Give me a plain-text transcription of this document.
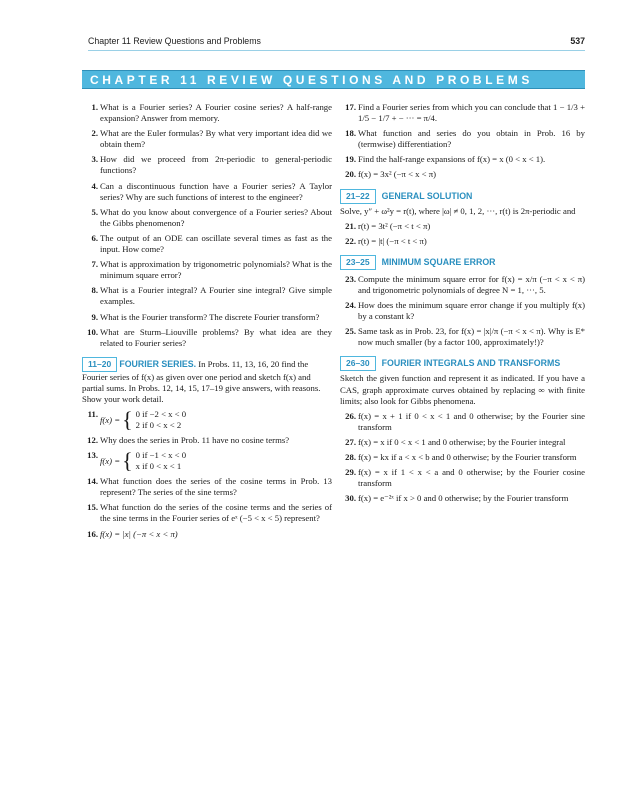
Chapter 11 Review Questions and Problems	537
CHAPTER 11 REVIEW QUESTIONS AND PROBLEMS
1. What is a Fourier series? A Fourier cosine series? A half-range expansion? Answer from memory.
2. What are the Euler formulas? By what very important idea did we obtain them?
3. How did we proceed from 2π-periodic to general-periodic functions?
4. Can a discontinuous function have a Fourier series? A Taylor series? Why are such functions of interest to the engineer?
5. What do you know about convergence of a Fourier series? About the Gibbs phenomenon?
6. The output of an ODE can oscillate several times as fast as the input. How come?
7. What is approximation by trigonometric polynomials? What is the minimum square error?
8. What is a Fourier integral? A Fourier sine integral? Give simple examples.
9. What is the Fourier transform? The discrete Fourier transform?
10. What are Sturm–Liouville problems? By what idea are they related to Fourier series?
11–20 FOURIER SERIES. In Probs. 11, 13, 16, 20 find the Fourier series of f(x) as given over one period and sketch f(x) and partial sums. In Probs. 12, 14, 15, 17–19 give answers, with reasons. Show your work detail.
11.
f(x) = { 0 if −2 < x < 0
2 if 0 < x < 2
12. Why does the series in Prob. 11 have no cosine terms?
13.
f(x) = { 0 if −1 < x < 0
x if 0 < x < 1
14. What function does the series of the cosine terms in Prob. 13 represent? The series of the sine terms?
15. What function do the series of the cosine terms and the series of the sine terms in the Fourier series of eˣ (−5 < x < 5) represent?
16. f(x) = |x| (−π < x < π)
17. Find a Fourier series from which you can conclude that 1 − 1/3 + 1/5 − 1/7 + − ··· = π/4.
18. What function and series do you obtain in Prob. 16 by (termwise) differentiation?
19. Find the half-range expansions of f(x) = x (0 < x < 1).
20. f(x) = 3x² (−π < x < π)
21–22	GENERAL SOLUTION
Solve, y″ + ω²y = r(t), where |ω| ≠ 0, 1, 2, ···, r(t) is 2π-periodic and
21. r(t) = 3t² (−π < t < π)
22. r(t) = |t| (−π < t < π)
23–25	MINIMUM SQUARE ERROR
23. Compute the minimum square error for f(x) = x/π (−π < x < π) and trigonometric polynomials of degree N = 1, ···, 5.
24. How does the minimum square error change if you multiply f(x) by a constant k?
25. Same task as in Prob. 23, for f(x) = |x|/π (−π < x < π). Why is E* now much smaller (by a factor 100, approximately!)?
26–30	FOURIER INTEGRALS AND TRANSFORMS
Sketch the given function and represent it as indicated. If you have a CAS, graph approximate curves obtained by replacing ∞ with finite limits; also look for Gibbs phenomena.
26. f(x) = x + 1 if 0 < x < 1 and 0 otherwise; by the Fourier sine transform
27. f(x) = x if 0 < x < 1 and 0 otherwise; by the Fourier integral
28. f(x) = kx if a < x < b and 0 otherwise; by the Fourier transform
29. f(x) = x if 1 < x < a and 0 otherwise; by the Fourier cosine transform
30. f(x) = e⁻²ˣ if x > 0 and 0 otherwise; by the Fourier transform
